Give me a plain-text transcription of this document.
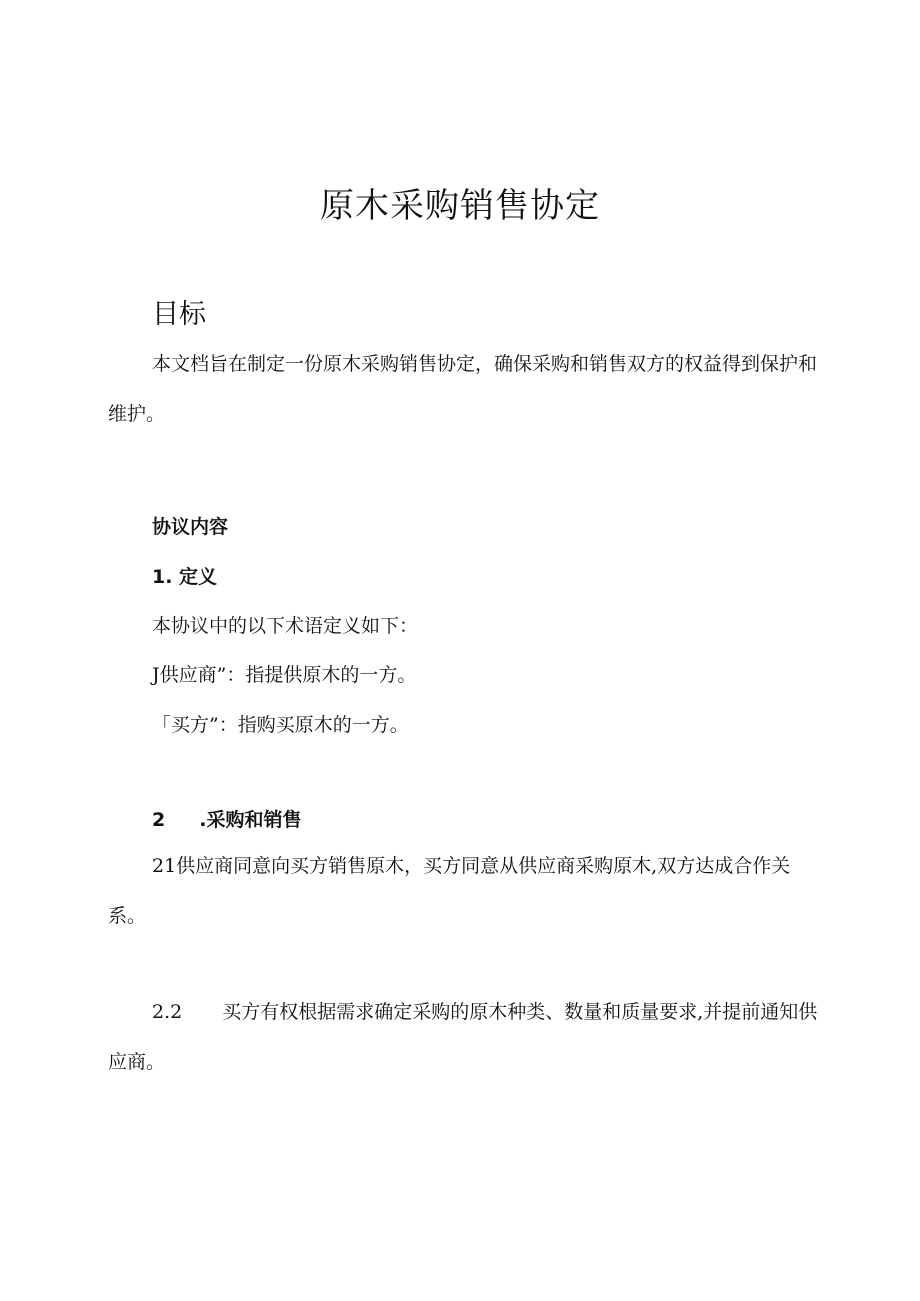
原木采购销售协定
目标
本文档旨在制定一份原木采购销售协定，确保采购和销售双方的权益得到保护和维护。
协议内容
1. 定义
本协议中的以下术语定义如下：
J供应商”：指提供原木的一方。
「买方”：指购买原木的一方。
2 .采购和销售
21供应商同意向买方销售原木，买方同意从供应商采购原木,双方达成合作关系。
2.2 买方有权根据需求确定采购的原木种类、数量和质量要求,并提前通知供应商。
